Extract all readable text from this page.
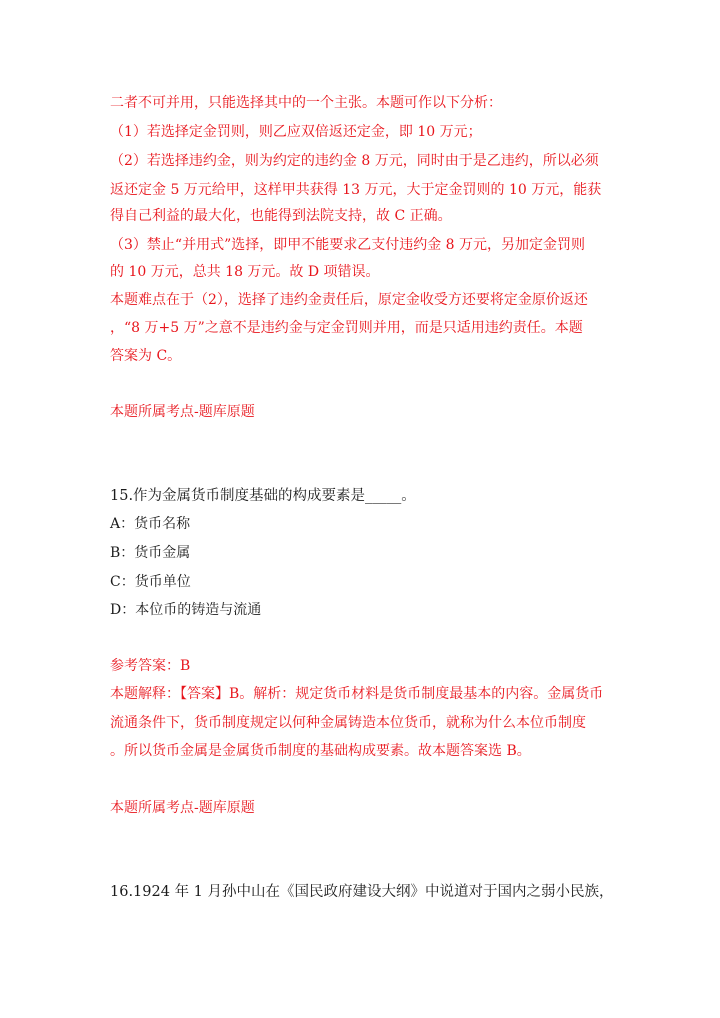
二者不可并用，只能选择其中的一个主张。本题可作以下分析：
（1）若选择定金罚则，则乙应双倍返还定金，即 10 万元；
（2）若选择违约金，则为约定的违约金 8 万元，同时由于是乙违约，所以必须
返还定金 5 万元给甲，这样甲共获得 13 万元，大于定金罚则的 10 万元，能获
得自己利益的最大化，也能得到法院支持，故 C 正确。
（3）禁止“并用式”选择，即甲不能要求乙支付违约金 8 万元，另加定金罚则
的 10 万元，总共 18 万元。故 D 项错误。
本题难点在于（2），选择了违约金责任后，原定金收受方还要将定金原价返还
，“8 万+5 万”之意不是违约金与定金罚则并用，而是只适用违约责任。本题
答案为 C。
本题所属考点-题库原题
15.作为金属货币制度基础的构成要素是_____。
A：货币名称
B：货币金属
C：货币单位
D：本位币的铸造与流通
参考答案：B
本题解释：【答案】B。解析：规定货币材料是货币制度最基本的内容。金属货币
流通条件下，货币制度规定以何种金属铸造本位货币，就称为什么本位币制度
。所以货币金属是金属货币制度的基础构成要素。故本题答案选 B。
本题所属考点-题库原题
16.1924 年 1 月孙中山在《国民政府建设大纲》中说道对于国内之弱小民族，
